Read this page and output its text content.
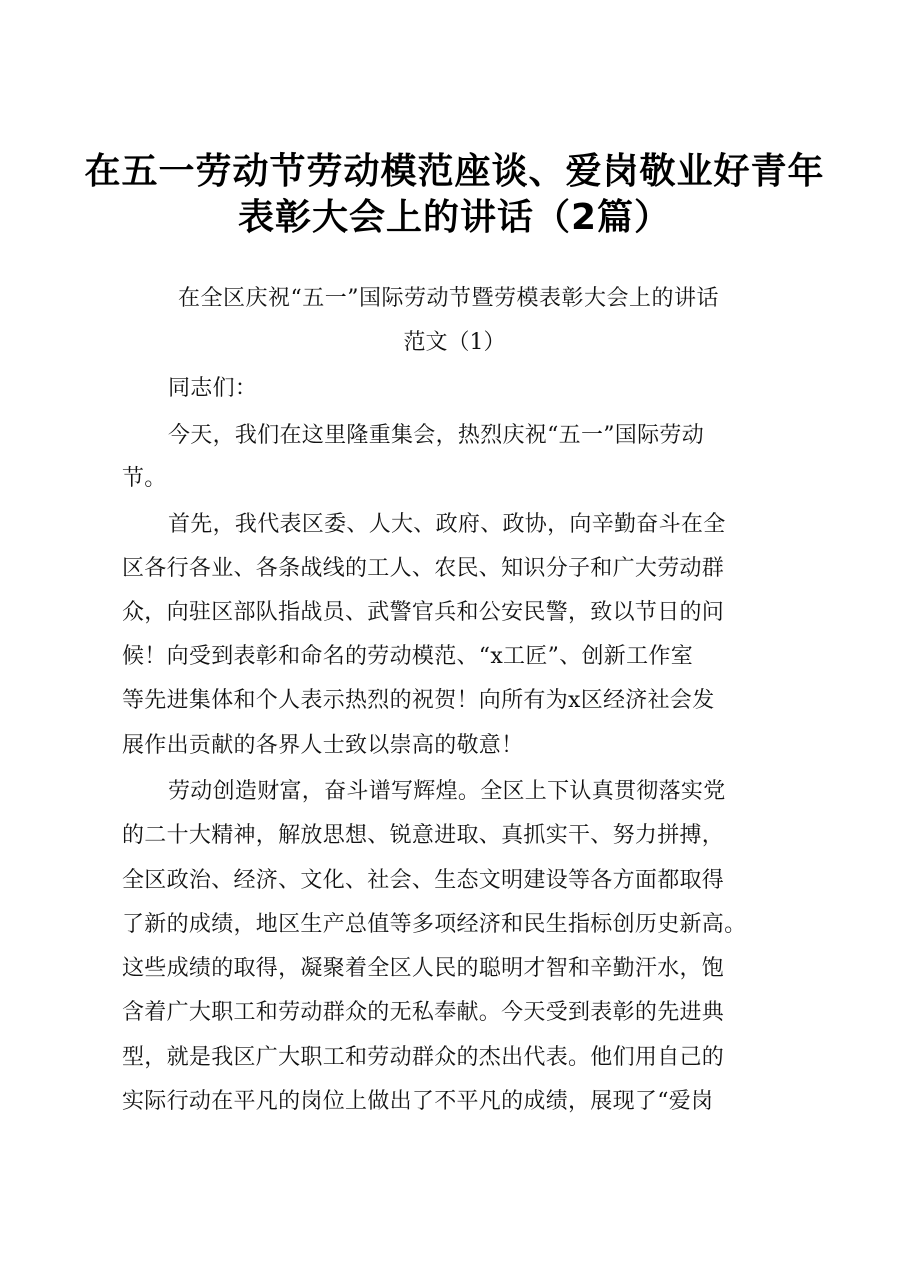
在五一劳动节劳动模范座谈、爱岗敬业好青年
表彰大会上的讲话（2篇）
在全区庆祝“五一”国际劳动节暨劳模表彰大会上的讲话
范文（1）
同志们：
今天，我们在这里隆重集会，热烈庆祝“五一”国际劳动
节。
首先，我代表区委、人大、政府、政协，向辛勤奋斗在全
区各行各业、各条战线的工人、农民、知识分子和广大劳动群
众，向驻区部队指战员、武警官兵和公安民警，致以节日的问
候！向受到表彰和命名的劳动模范、“x工匠”、创新工作室
等先进集体和个人表示热烈的祝贺！向所有为x区经济社会发
展作出贡献的各界人士致以崇高的敬意！
劳动创造财富，奋斗谱写辉煌。全区上下认真贯彻落实党
的二十大精神，解放思想、锐意进取、真抓实干、努力拼搏，
全区政治、经济、文化、社会、生态文明建设等各方面都取得
了新的成绩，地区生产总值等多项经济和民生指标创历史新高。
这些成绩的取得，凝聚着全区人民的聪明才智和辛勤汗水，饱
含着广大职工和劳动群众的无私奉献。今天受到表彰的先进典
型，就是我区广大职工和劳动群众的杰出代表。他们用自己的
实际行动在平凡的岗位上做出了不平凡的成绩，展现了“爱岗
